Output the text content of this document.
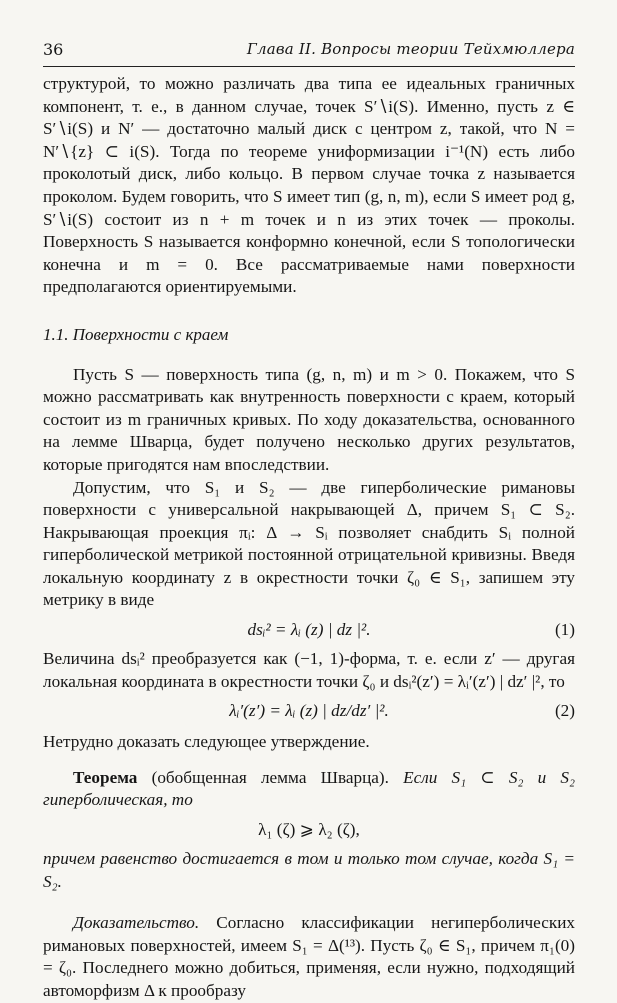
36	Глава II. Вопросы теории Тейхмюллера

структурой, то можно различать два типа ее идеальных граничных компонент, т. е., в данном случае, точек S′∖i(S). Именно, пусть z ∈ S′∖i(S) и N′ — достаточно малый диск с центром z, такой, что N = N′∖{z} ⊂ i(S). Тогда по теореме униформизации i⁻¹(N) есть либо проколотый диск, либо кольцо. В первом случае точка z называется проколом. Будем говорить, что S имеет тип (g, n, m), если S имеет род g, S′∖i(S) состоит из n + m точек и n из этих точек — проколы. Поверхность S называется конформно конечной, если S топологически конечна и m = 0. Все рассматриваемые нами поверхности предполагаются ориентируемыми.

1.1. Поверхности с краем

Пусть S — поверхность типа (g, n, m) и m > 0. Покажем, что S можно рассматривать как внутренность поверхности с краем, который состоит из m граничных кривых. По ходу доказательства, основанного на лемме Шварца, будет получено несколько других результатов, которые пригодятся нам впоследствии.

Допустим, что S₁ и S₂ — две гиперболические римановы поверхности с универсальной накрывающей Δ, причем S₁ ⊂ S₂. Накрывающая проекция πᵢ: Δ → Sᵢ позволяет снабдить Sᵢ полной гиперболической метрикой постоянной отрицательной кривизны. Введя локальную координату z в окрестности точки ζ₀ ∈ S₁, запишем эту метрику в виде

dsᵢ² = λᵢ (z) | dz |².	(1)

Величина dsᵢ² преобразуется как (−1, 1)-форма, т. е. если z′ — другая локальная координата в окрестности точки ζ₀ и dsᵢ²(z′) = λᵢ′(z′) | dz′ |², то

λᵢ′(z′) = λᵢ (z) | dz/dz′ |².	(2)

Нетрудно доказать следующее утверждение.

Теорема (обобщенная лемма Шварца). Если S₁ ⊂ S₂ и S₂ гиперболическая, то

λ₁ (ζ) ⩾ λ₂ (ζ),

причем равенство достигается в том и только том случае, когда S₁ = S₂.

Доказательство. Согласно классификации негиперболических римановых поверхностей, имеем S₁ = Δ(¹³). Пусть ζ₀ ∈ S₁, причем π₁(0) = ζ₀. Последнего можно добиться, применяя, если нужно, подходящий автоморфизм Δ к прообразу
